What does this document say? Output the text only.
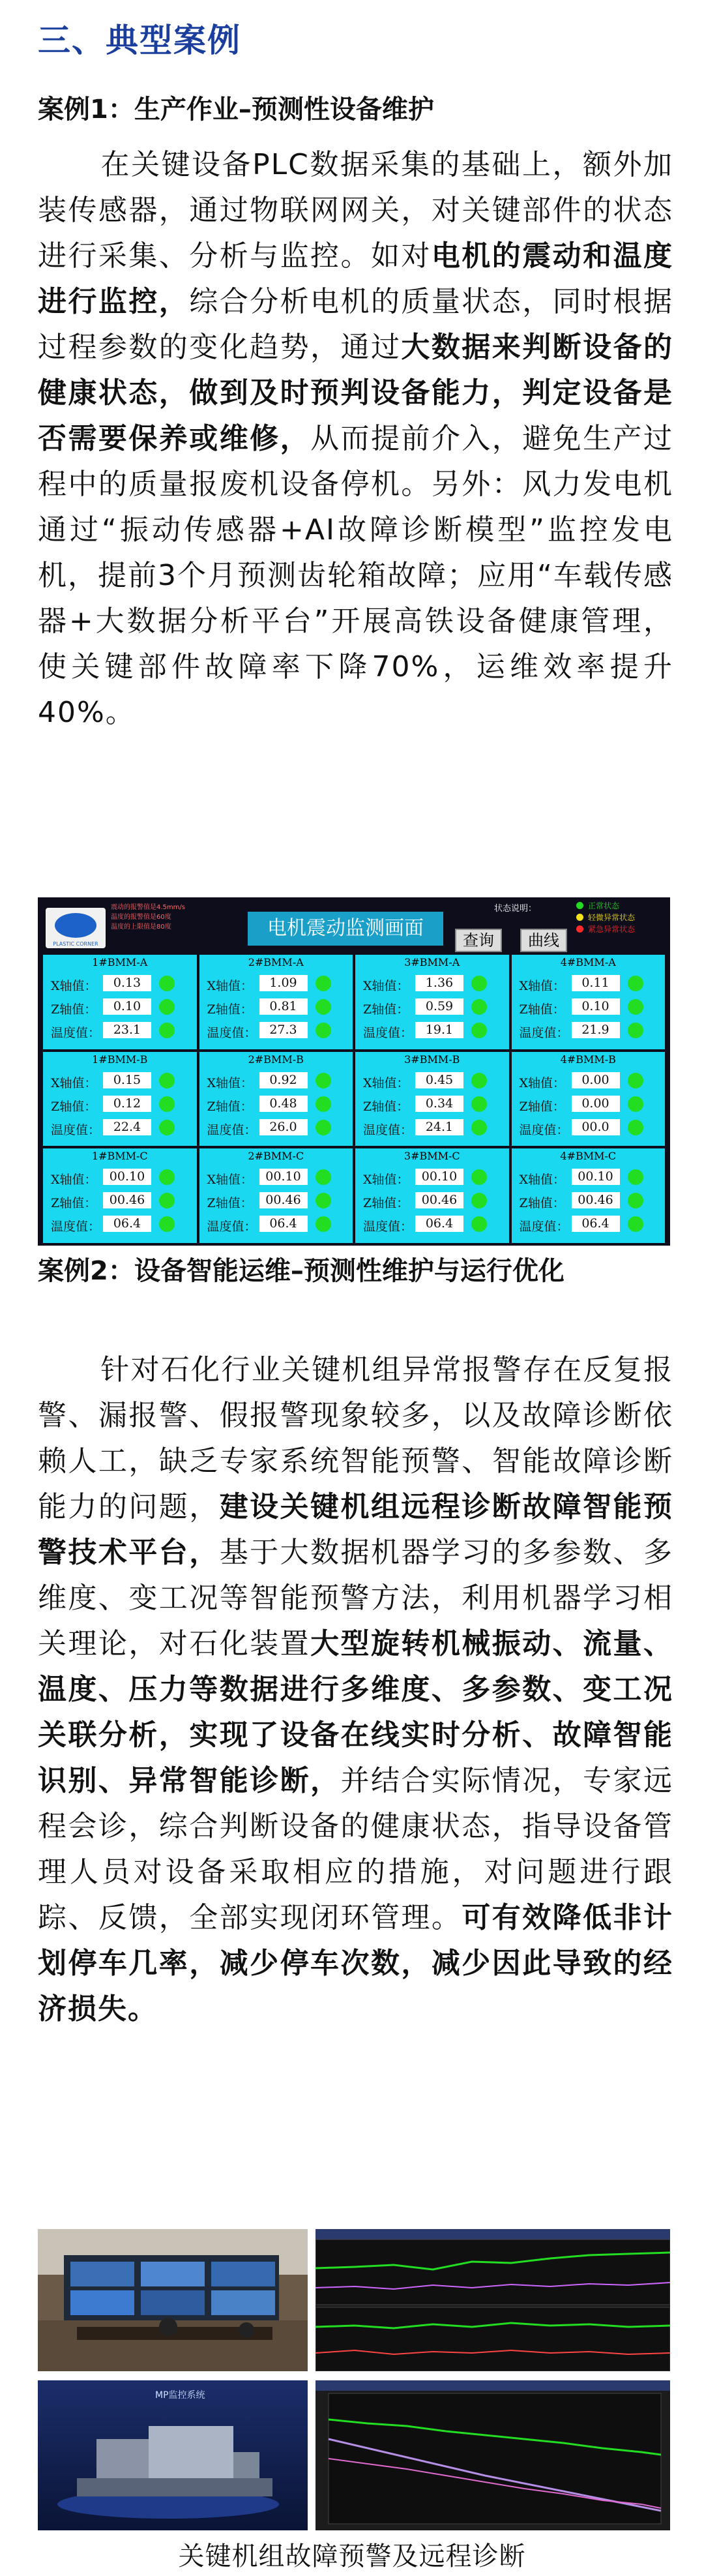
三、典型案例
案例1：生产作业–预测性设备维护
在关键设备PLC数据采集的基础上，额外加装传感器，通过物联网网关，对关键部件的状态进行采集、分析与监控。如对电机的震动和温度进行监控，综合分析电机的质量状态，同时根据过程参数的变化趋势，通过大数据来判断设备的健康状态，做到及时预判设备能力，判定设备是否需要保养或维修，从而提前介入，避免生产过程中的质量报废机设备停机。另外：风力发电机通过“振动传感器+AI故障诊断模型”监控发电机，提前3个月预测齿轮箱故障；应用“车载传感器+大数据分析平台”开展高铁设备健康管理，使关键部件故障率下降70%，运维效率提升40%。
PLASTIC CORNER
震动的报警值是4.5mm/s
温度的报警值是60度
温度的上限值是80度	电机震动监测画面
状态说明：
查询	曲线
正常状态
轻微异常状态
紧急异常状态
1#BMM-A
X轴值：	0.13
Z轴值：	0.10
温度值：	23.1
2#BMM-A
X轴值：	1.09
Z轴值：	0.81
温度值：	27.3
3#BMM-A
X轴值：	1.36
Z轴值：	0.59
温度值：	19.1
4#BMM-A
X轴值：	0.11
Z轴值：	0.10
温度值：	21.9
1#BMM-B
X轴值：	0.15
Z轴值：	0.12
温度值：	22.4
2#BMM-B
X轴值：	0.92
Z轴值：	0.48
温度值：	26.0
3#BMM-B
X轴值：	0.45
Z轴值：	0.34
温度值：	24.1
4#BMM-B
X轴值：	0.00
Z轴值：	0.00
温度值：	00.0
1#BMM-C
X轴值：	00.10
Z轴值：	00.46
温度值：	06.4
2#BMM-C
X轴值：	00.10
Z轴值：	00.46
温度值：	06.4
3#BMM-C
X轴值：	00.10
Z轴值：	00.46
温度值：	06.4
4#BMM-C
X轴值：	00.10
Z轴值：	00.46
温度值：	06.4
案例2：设备智能运维–预测性维护与运行优化
针对石化行业关键机组异常报警存在反复报警、漏报警、假报警现象较多，以及故障诊断依赖人工，缺乏专家系统智能预警、智能故障诊断能力的问题，建设关键机组远程诊断故障智能预警技术平台，基于大数据机器学习的多参数、多维度、变工况等智能预警方法，利用机器学习相关理论，对石化装置大型旋转机械振动、流量、温度、压力等数据进行多维度、多参数、变工况关联分析，实现了设备在线实时分析、故障智能识别、异常智能诊断，并结合实际情况，专家远程会诊，综合判断设备的健康状态，指导设备管理人员对设备采取相应的措施，对问题进行跟踪、反馈，全部实现闭环管理。可有效降低非计划停车几率，减少停车次数，减少因此导致的经济损失。
MP监控系统
关键机组故障预警及远程诊断
